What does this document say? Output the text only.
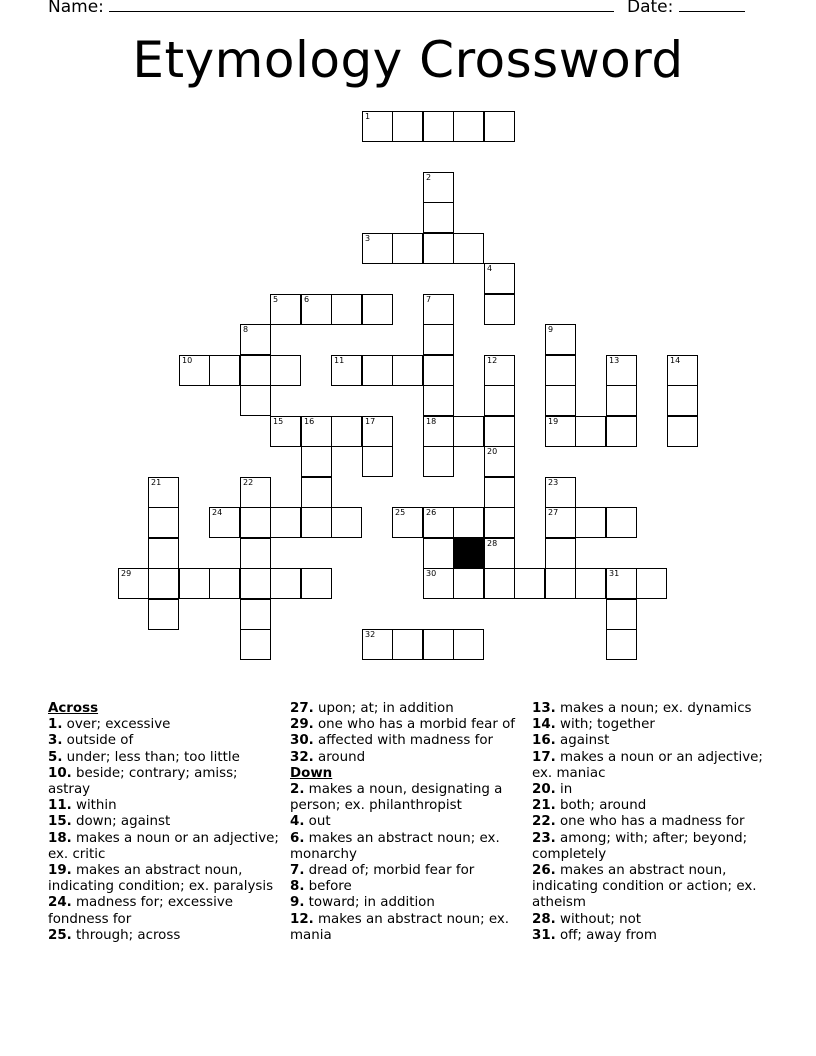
Name:	Date:
Etymology Crossword
1
2
3
4
5	6	7
8	9
10	11	12	13	14
15	16	17	18	19
20
21	22	23
24	25	26	27
28
29	30	31
32

Across

1. over; excessive

3. outside of

5. under; less than; too little

10. beside; contrary; amiss; astray

11. within

15. down; against

18. makes a noun or an adjective; ex. critic

19. makes an abstract noun, indicating condition; ex. paralysis

24. madness for; excessive fondness for

25. through; across

27. upon; at; in addition

29. one who has a morbid fear of

30. affected with madness for

32. around

Down

2. makes a noun, designating a person; ex. philanthropist

4. out

6. makes an abstract noun; ex. monarchy

7. dread of; morbid fear for

8. before

9. toward; in addition

12. makes an abstract noun; ex. mania

13. makes a noun; ex. dynamics

14. with; together

16. against

17. makes a noun or an adjective; ex. maniac

20. in

21. both; around

22. one who has a madness for

23. among; with; after; beyond; completely

26. makes an abstract noun, indicating condition or action; ex. atheism

28. without; not

31. off; away from
